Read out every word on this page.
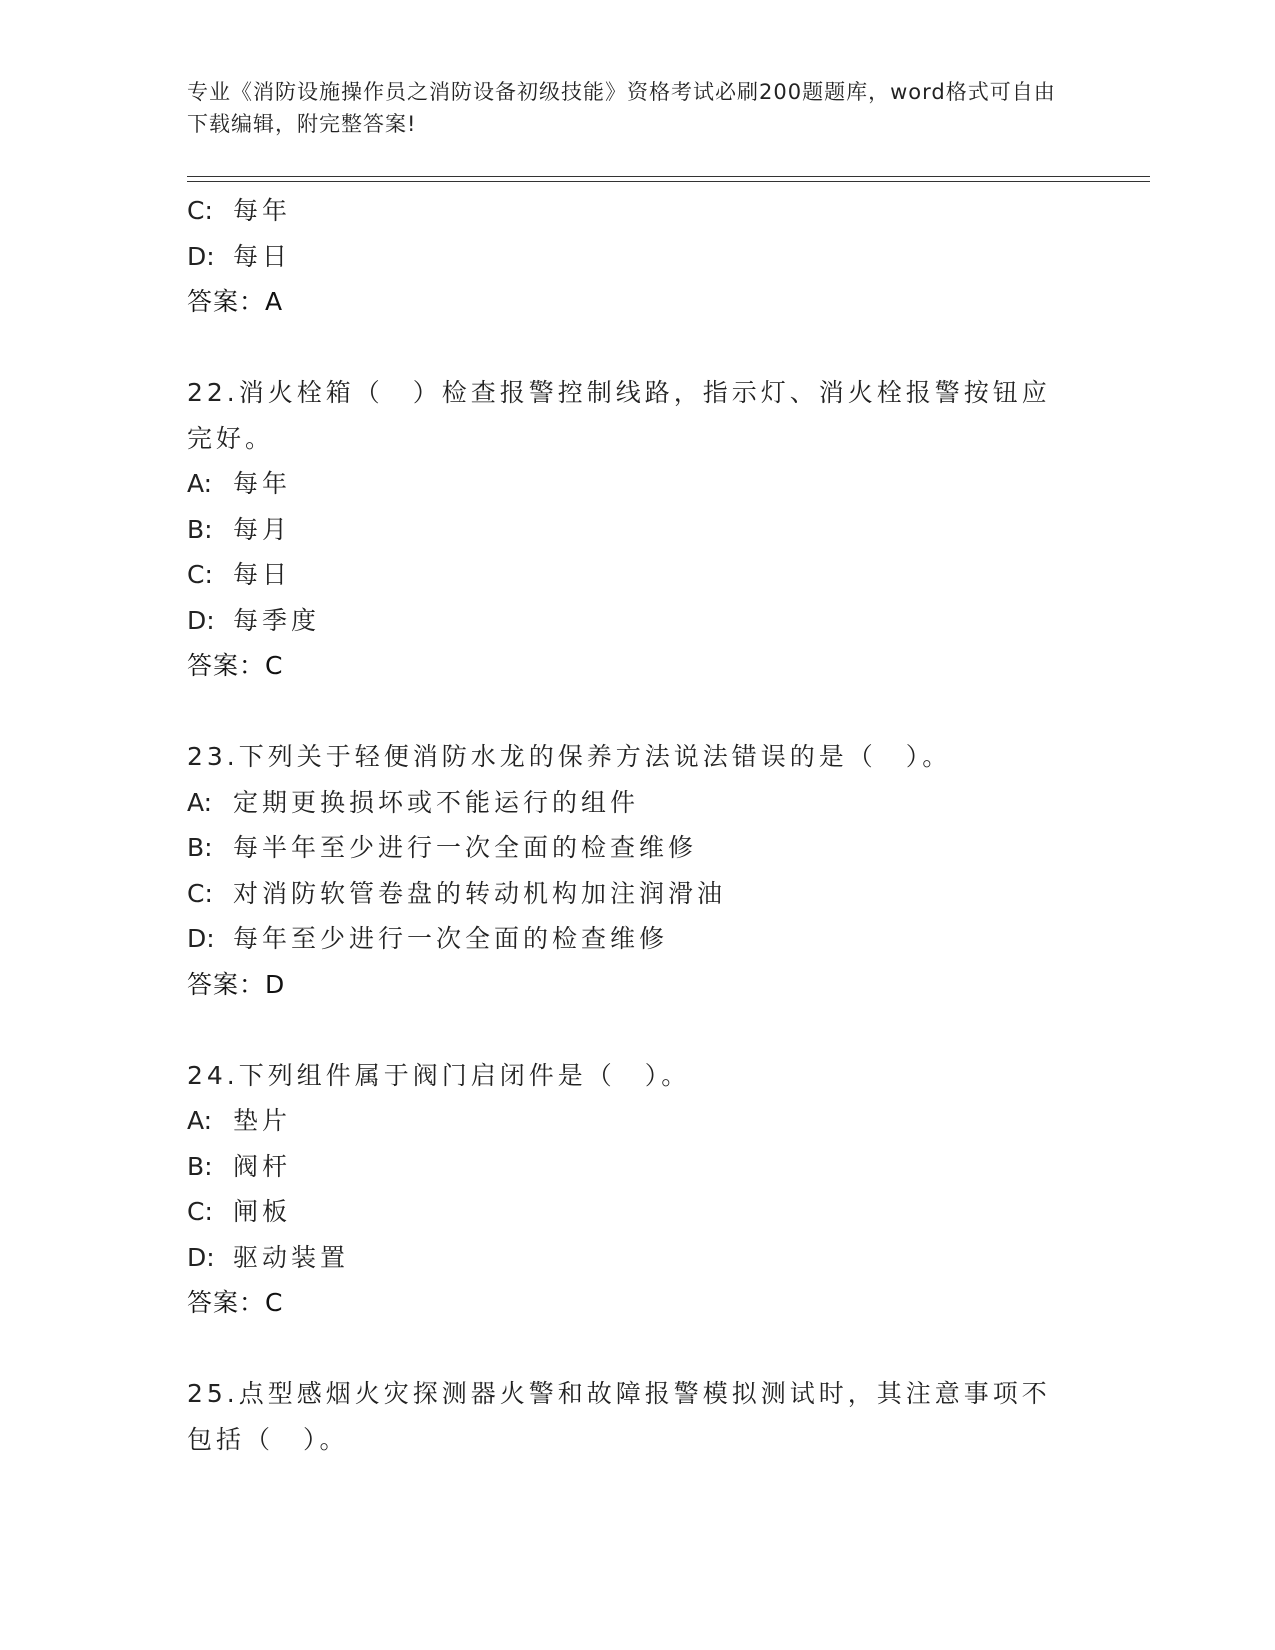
专业《消防设施操作员之消防设备初级技能》资格考试必刷200题题库，word格式可自由下载编辑，附完整答案!
C: 每年
D: 每日
答案：A
22.消火栓箱（　）检查报警控制线路，指示灯、消火栓报警按钮应完好。
A: 每年
B: 每月
C: 每日
D: 每季度
答案：C
23.下列关于轻便消防水龙的保养方法说法错误的是（　）。
A: 定期更换损坏或不能运行的组件
B: 每半年至少进行一次全面的检查维修
C: 对消防软管卷盘的转动机构加注润滑油
D: 每年至少进行一次全面的检查维修
答案：D
24.下列组件属于阀门启闭件是（　）。
A: 垫片
B: 阀杆
C: 闸板
D: 驱动装置
答案：C
25.点型感烟火灾探测器火警和故障报警模拟测试时，其注意事项不包括（　）。
